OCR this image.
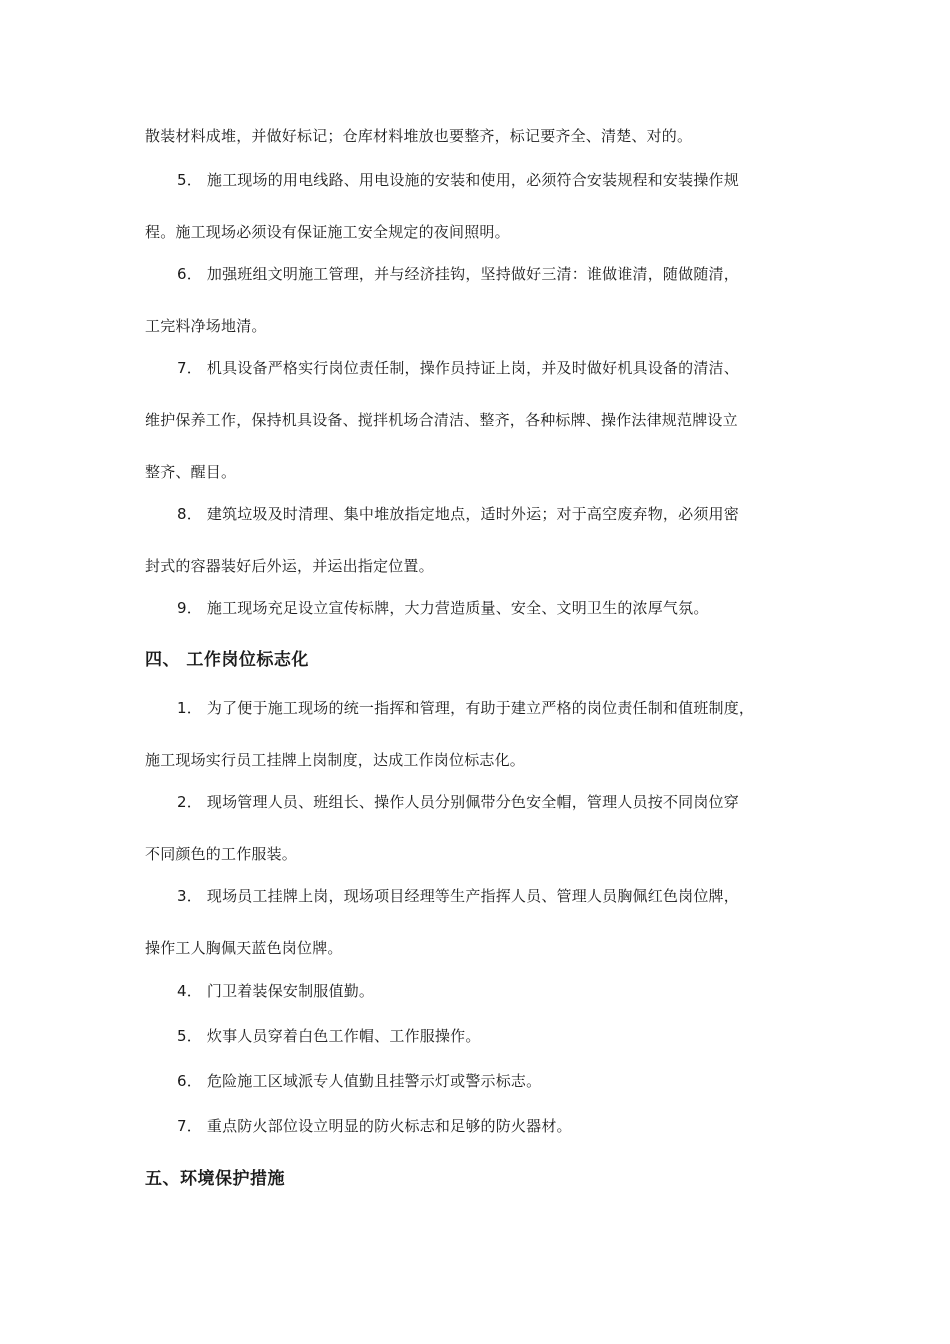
散装材料成堆，并做好标记；仓库材料堆放也要整齐，标记要齐全、清楚、对的。
5． 施工现场的用电线路、用电设施的安装和使用，必须符合安装规程和安装操作规
程。施工现场必须设有保证施工安全规定的夜间照明。
6． 加强班组文明施工管理，并与经济挂钩，坚持做好三清：谁做谁清，随做随清，
工完料净场地清。
7． 机具设备严格实行岗位责任制，操作员持证上岗，并及时做好机具设备的清洁、
维护保养工作，保持机具设备、搅拌机场合清洁、整齐，各种标牌、操作法律规范牌设立
整齐、醒目。
8． 建筑垃圾及时清理、集中堆放指定地点，适时外运；对于高空废弃物，必须用密
封式的容器装好后外运，并运出指定位置。
9． 施工现场充足设立宣传标牌，大力营造质量、安全、文明卫生的浓厚气氛。
四、 工作岗位标志化
1． 为了便于施工现场的统一指挥和管理，有助于建立严格的岗位责任制和值班制度，
施工现场实行员工挂牌上岗制度，达成工作岗位标志化。
2． 现场管理人员、班组长、操作人员分别佩带分色安全帽，管理人员按不同岗位穿
不同颜色的工作服装。
3． 现场员工挂牌上岗，现场项目经理等生产指挥人员、管理人员胸佩红色岗位牌，
操作工人胸佩天蓝色岗位牌。
4． 门卫着装保安制服值勤。
5． 炊事人员穿着白色工作帽、工作服操作。
6． 危险施工区域派专人值勤且挂警示灯或警示标志。
7． 重点防火部位设立明显的防火标志和足够的防火器材。
五、环境保护措施
